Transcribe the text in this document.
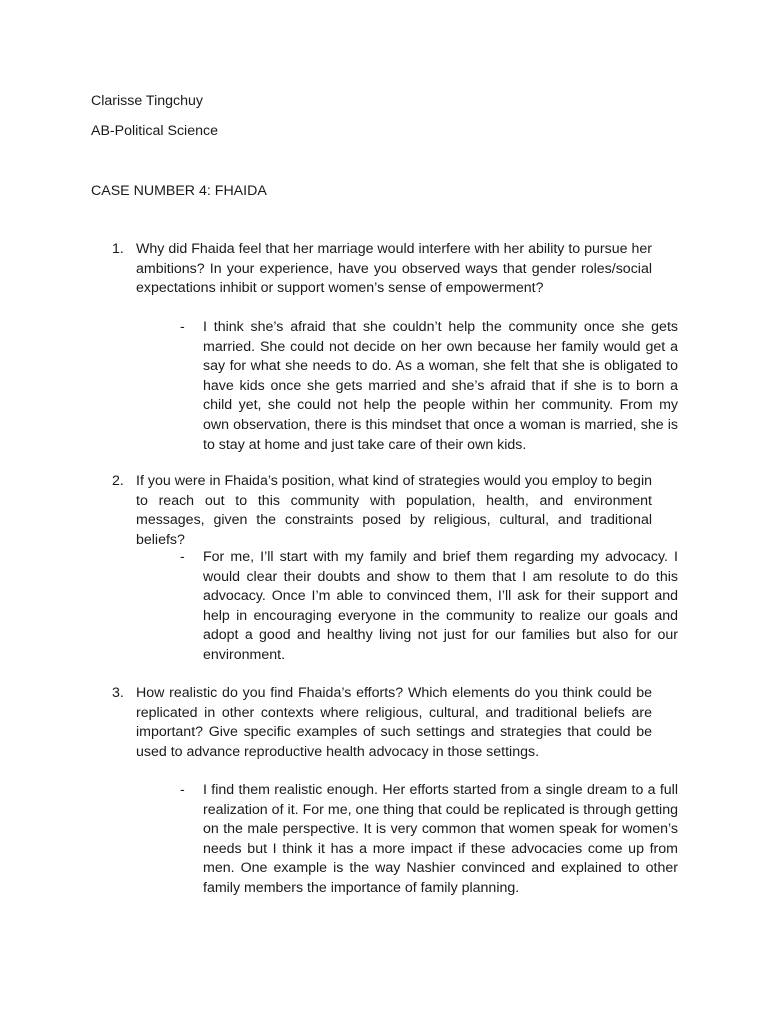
Clarisse Tingchuy
AB-Political Science
CASE NUMBER 4: FHAIDA
1. Why did Fhaida feel that her marriage would interfere with her ability to pursue her ambitions? In your experience, have you observed ways that gender roles/social expectations inhibit or support women’s sense of empowerment?
- I think she’s afraid that she couldn’t help the community once she gets married. She could not decide on her own because her family would get a say for what she needs to do. As a woman, she felt that she is obligated to have kids once she gets married and she’s afraid that if she is to born a child yet, she could not help the people within her community. From my own observation, there is this mindset that once a woman is married, she is to stay at home and just take care of their own kids.
2. If you were in Fhaida’s position, what kind of strategies would you employ to begin to reach out to this community with population, health, and environment messages, given the constraints posed by religious, cultural, and traditional beliefs?
- For me, I’ll start with my family and brief them regarding my advocacy. I would clear their doubts and show to them that I am resolute to do this advocacy. Once I’m able to convinced them, I’ll ask for their support and help in encouraging everyone in the community to realize our goals and adopt a good and healthy living not just for our families but also for our environment.
3. How realistic do you find Fhaida’s efforts? Which elements do you think could be replicated in other contexts where religious, cultural, and traditional beliefs are important? Give specific examples of such settings and strategies that could be used to advance reproductive health advocacy in those settings.
- I find them realistic enough. Her efforts started from a single dream to a full realization of it. For me, one thing that could be replicated is through getting on the male perspective. It is very common that women speak for women’s needs but I think it has a more impact if these advocacies come up from men. One example is the way Nashier convinced and explained to other family members the importance of family planning.
